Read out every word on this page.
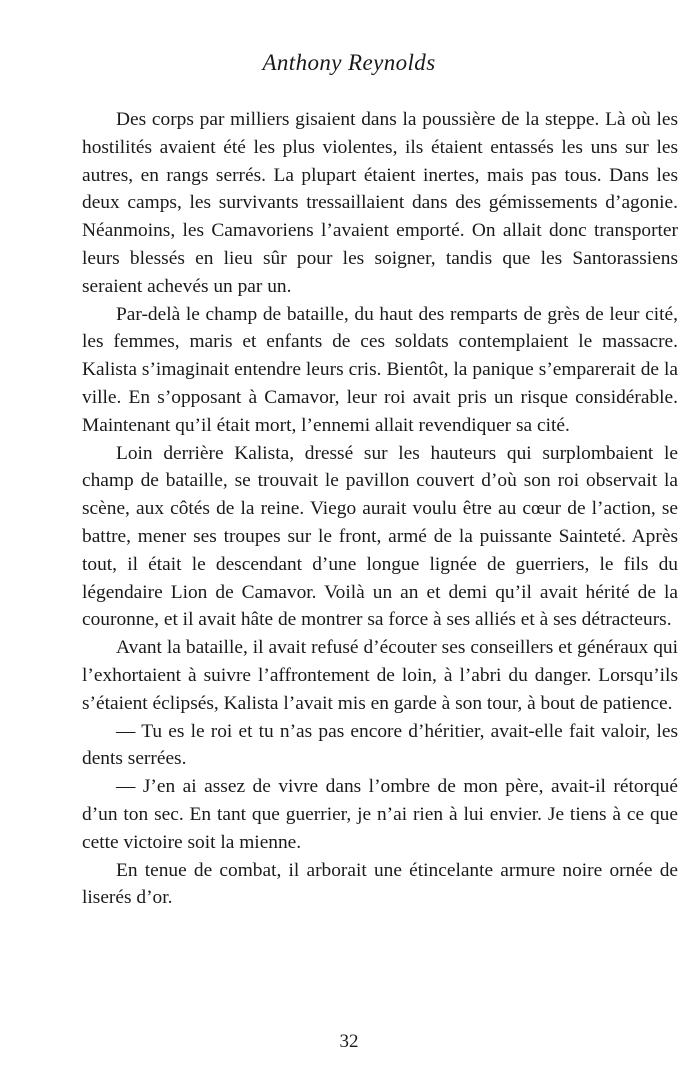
Anthony Reynolds

Des corps par milliers gisaient dans la poussière de la steppe. Là où les hostilités avaient été les plus violentes, ils étaient entassés les uns sur les autres, en rangs serrés. La plupart étaient inertes, mais pas tous. Dans les deux camps, les survivants tressaillaient dans des gémissements d’agonie. Néanmoins, les Camavoriens l’avaient emporté. On allait donc transporter leurs blessés en lieu sûr pour les soigner, tandis que les Santorassiens seraient achevés un par un.

Par-delà le champ de bataille, du haut des remparts de grès de leur cité, les femmes, maris et enfants de ces soldats contemplaient le massacre. Kalista s’imaginait entendre leurs cris. Bientôt, la panique s’emparerait de la ville. En s’opposant à Camavor, leur roi avait pris un risque considérable. Maintenant qu’il était mort, l’ennemi allait revendiquer sa cité.

Loin derrière Kalista, dressé sur les hauteurs qui surplombaient le champ de bataille, se trouvait le pavillon couvert d’où son roi observait la scène, aux côtés de la reine. Viego aurait voulu être au cœur de l’action, se battre, mener ses troupes sur le front, armé de la puissante Sainteté. Après tout, il était le descendant d’une longue lignée de guerriers, le fils du légendaire Lion de Camavor. Voilà un an et demi qu’il avait hérité de la couronne, et il avait hâte de montrer sa force à ses alliés et à ses détracteurs.

Avant la bataille, il avait refusé d’écouter ses conseillers et généraux qui l’exhortaient à suivre l’affrontement de loin, à l’abri du danger. Lorsqu’ils s’étaient éclipsés, Kalista l’avait mis en garde à son tour, à bout de patience.

— Tu es le roi et tu n’as pas encore d’héritier, avait-elle fait valoir, les dents serrées.

— J’en ai assez de vivre dans l’ombre de mon père, avait-il rétorqué d’un ton sec. En tant que guerrier, je n’ai rien à lui envier. Je tiens à ce que cette victoire soit la mienne.

En tenue de combat, il arborait une étincelante armure noire ornée de liserés d’or.

32
